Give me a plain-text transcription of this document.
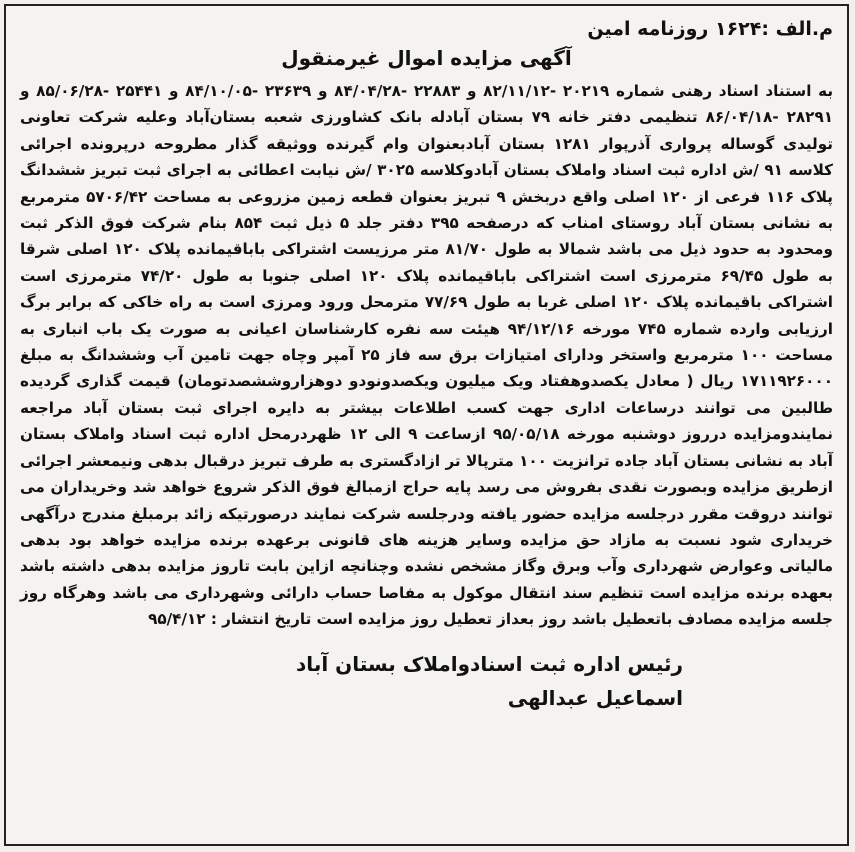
م.الف :۱۶۲۴ روزنامه امین
آگهی مزایده اموال غیرمنقول
به استناد اسناد رهنی شماره ۲۰۲۱۹ -۸۲/۱۱/۱۲ و ۲۲۸۸۳ -۸۴/۰۴/۲۸ و ۲۳۶۳۹ -۸۴/۱۰/۰۵ و ۲۵۴۴۱ -۸۵/۰۶/۲۸ و ۲۸۲۹۱ -۸۶/۰۴/۱۸ تنظیمی دفتر خانه ۷۹ بستان آبادله بانک کشاورزی شعبه بستان‌آباد وعلیه شرکت تعاونی تولیدی گوساله پرواری آذرپوار ۱۲۸۱ بستان آبادبعنوان وام گیرنده ووثیقه گذار مطروحه درپرونده اجرائی کلاسه ۹۱ /ش اداره ثبت اسناد واملاک بستان آبادوکلاسه ۳۰۲۵ /ش نیابت اعطائی به اجرای ثبت تبریز ششدانگ پلاک ۱۱۶ فرعی از ۱۲۰ اصلی واقع دربخش ۹ تبریز بعنوان قطعه زمین مزروعی به مساحت ۵۷۰۶/۴۲ مترمربع به نشانی بستان آباد روستای امناب که درصفحه ۳۹۵ دفتر جلد ۵ ذیل ثبت ۸۵۴ بنام شرکت فوق الذکر ثبت ومحدود به حدود ذیل می باشد شمالا به طول ۸۱/۷۰ متر مرزیست اشتراکی باباقیمانده پلاک ۱۲۰ اصلی شرقا به طول ۶۹/۴۵ مترمرزی است اشتراکی باباقیمانده پلاک ۱۲۰ اصلی جنوبا به طول ۷۴/۲۰ مترمرزی است اشتراکی باقیمانده پلاک ۱۲۰ اصلی غربا به طول ۷۷/۶۹ مترمحل ورود ومرزی است به راه خاکی که برابر برگ ارزیابی وارده شماره ۷۴۵ مورخه ۹۴/۱۲/۱۶ هیئت سه نفره کارشناسان اعیانی به صورت یک باب انباری به مساحت ۱۰۰ مترمربع واستخر ودارای امتیازات برق سه فاز ۲۵ آمپر وچاه جهت تامین آب وششدانگ به مبلغ ۱۷۱۱۹۲۶۰۰۰ ریال ( معادل یکصدوهفتاد ویک میلیون ویکصدونودو دوهزاروششصدتومان) قیمت گذاری گردیده طالبین می توانند درساعات اداری جهت کسب اطلاعات بیشتر به دایره اجرای ثبت بستان آباد مراجعه نمایندومزایده درروز دوشنبه مورخه ۹۵/۰۵/۱۸ ازساعت ۹ الی ۱۲ ظهردرمحل اداره ثبت اسناد واملاک بستان آباد به نشانی بستان آباد جاده ترانزیت ۱۰۰ مترپالا تر ازادگستری به طرف تبریز درقبال بدهی ونیمعشر اجرائی ازطریق مزایده وبصورت نقدی بفروش می رسد پایه حراج ازمبالغ فوق الذکر شروع خواهد شد وخریداران می توانند دروقت مقرر درجلسه مزایده حضور یافته ودرجلسه شرکت نمایند درصورتیکه زائد برمبلغ مندرج درآگهی خریداری شود نسبت به مازاد حق مزایده وسایر هزینه های قانونی برعهده برنده مزایده خواهد بود بدهی مالیاتی وعوارض شهرداری وآب وبرق وگاز مشخص نشده وچنانچه ازاین بابت تاروز مزایده بدهی داشته باشد بعهده برنده مزایده است تنظیم سند انتقال موکول به مفاصا حساب دارائی وشهرداری می باشد وهرگاه روز جلسه مزایده مصادف باتعطیل باشد روز بعداز تعطیل روز مزایده است تاریخ انتشار : ۹۵/۴/۱۲
رئیس اداره ثبت اسنادواملاک بستان آباد
اسماعیل عبدالهی
